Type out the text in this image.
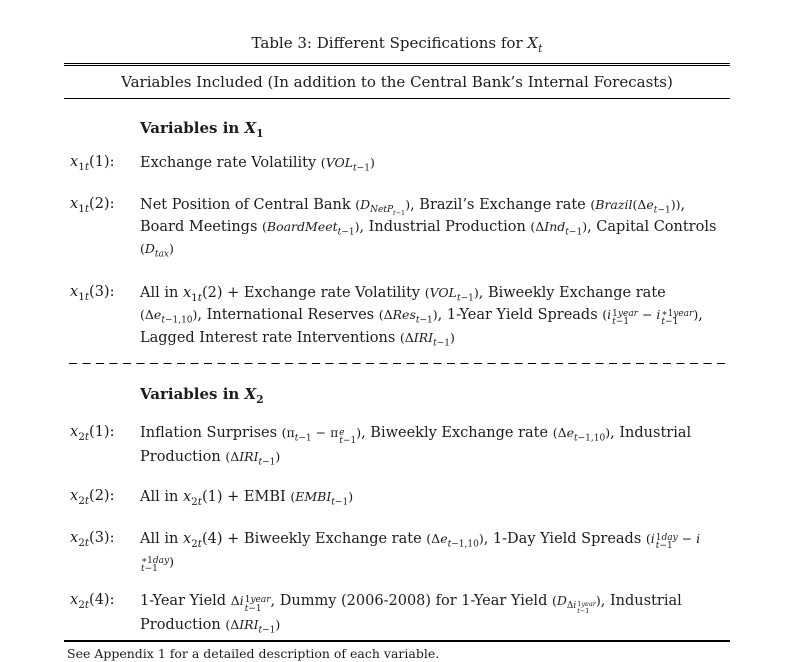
Table 3: Different Specifications for $X_t$
Variables Included (In addition to the Central Bank’s Internal Forecasts)
Variables in $X_1$
$x_{1t}(1)$:	Exchange rate Volatility $(VOL_{t-1})$
$x_{1t}(2)$:	Net Position of Central Bank $(D_{NetP_{t-1}})$, Brazil’s Exchange rate $(Brazil(\Delta e_{t-1}))$, Board Meetings (BoardMeet$_{t-1}$), Industrial Production (ΔInd$_{t-1}$), Capital Controls $(D_{tax})$
$x_{1t}(3)$:	All in $x_{1t}(2)$ + Exchange rate Volatility $(VOL_{t-1})$, Biweekly Exchange rate $(\Delta e_{t-1,10})$, International Reserves (ΔRes$_{t-1}$), 1-Year Yield Spreads (i 1year
t−1
− i ∗1year
t−1
), Lagged Interest rate Interventions $(\Delta IRI_{t-1})$
Variables in $X_2$
$x_{2t}(1)$:	Inflation Surprises ($\pi_{t-1} - \pi$ e
t−1
), Biweekly Exchange rate $(\Delta e_{t-1,10})$, Industrial Production $(\Delta IRI_{t-1})$
$x_{2t}(2)$:	All in $x_{2t}(1)$ + EMBI $(EMBI_{t-1})$
$x_{2t}(3)$:	All in $x_{2t}(4)$ + Biweekly Exchange rate $(\Delta e_{t-1,10})$, 1-Day Yield Spreads (i 1day
t−1
− i
∗1day
t−1
)
$x_{2t}(4)$:	1-Year Yield Δi 1year
t−1 , Dummy (2006-2008) for 1-Year Yield ($D_{\Delta i 1year t-1}$
), Industrial Production $(\Delta IRI_{t-1})$
See Appendix 1 for a detailed description of each variable.
